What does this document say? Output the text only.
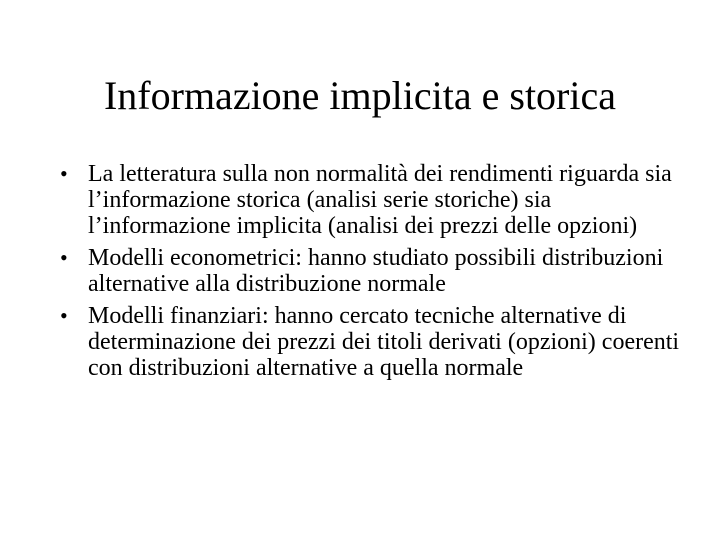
Informazione implicita e storica
• La letteratura sulla non normalità dei rendimenti riguarda sia l’informazione storica (analisi serie storiche) sia l’informazione implicita (analisi dei prezzi delle opzioni)
• Modelli econometrici: hanno studiato possibili distribuzioni alternative alla distribuzione normale
• Modelli finanziari: hanno cercato tecniche alternative di determinazione dei prezzi dei titoli derivati (opzioni) coerenti con distribuzioni alternative a quella normale
